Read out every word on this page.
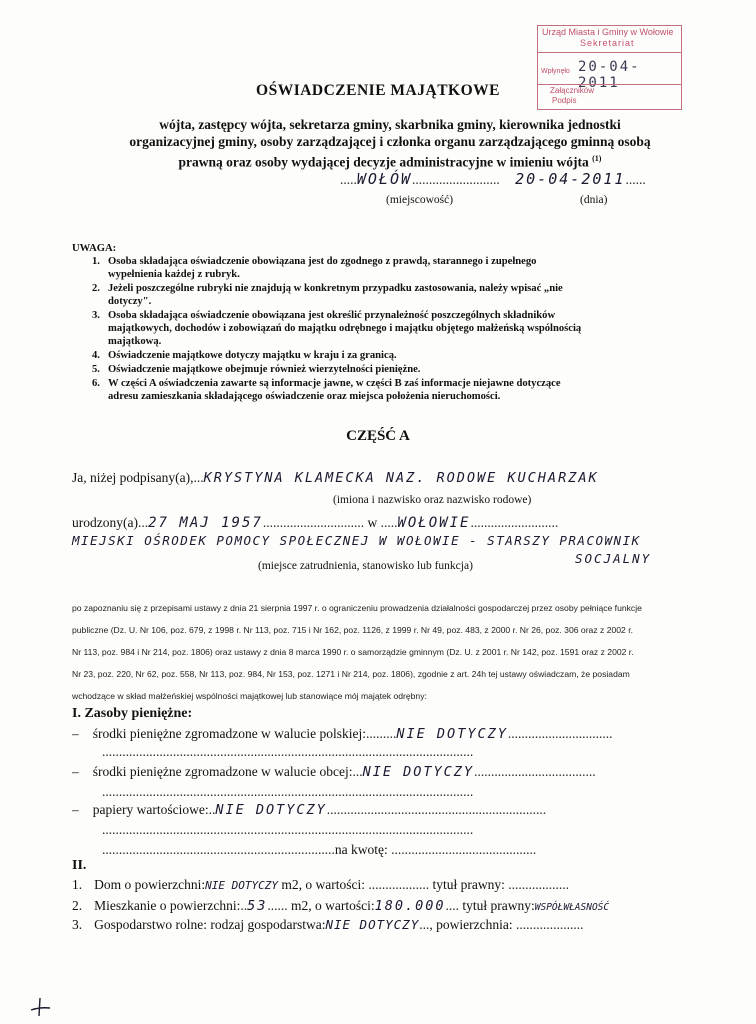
Urząd Miasta i Gminy w Wołowie
Sekretariat
Wpłynęło 20-04-2011
Załączników
Podpis
OŚWIADCZENIE MAJĄTKOWE
wójta, zastępcy wójta, sekretarza gminy, skarbnika gminy, kierownika jednostki
organizacyjnej gminy, osoby zarządzającej i członka organu zarządzającego gminną osobą
prawną oraz osoby wydającej decyzje administracyjne w imieniu wójta $^{(1)}$
.....WOŁÓW.......................... 20-04-2011......
(miejscowość)	(dnia)
UWAGA:
1. Osoba składająca oświadczenie obowiązana jest do zgodnego z prawdą, starannego i zupełnego
wypełnienia każdej z rubryk.
2. Jeżeli poszczególne rubryki nie znajdują w konkretnym przypadku zastosowania, należy wpisać „nie
dotyczy".
3. Osoba składająca oświadczenie obowiązana jest określić przynależność poszczególnych składników
majątkowych, dochodów i zobowiązań do majątku odrębnego i majątku objętego małżeńską wspólnością
majątkową.
4. Oświadczenie majątkowe dotyczy majątku w kraju i za granicą.
5. Oświadczenie majątkowe obejmuje również wierzytelności pieniężne.
6. W części A oświadczenia zawarte są informacje jawne, w części B zaś informacje niejawne dotyczące
adresu zamieszkania składającego oświadczenie oraz miejsca położenia nieruchomości.
CZĘŚĆ A
Ja, niżej podpisany(a),...KRYSTYNA KLAMECKA NAZ. RODOWE KUCHARZAK
(imiona i nazwisko oraz nazwisko rodowe)
urodzony(a)...27 MAJ 1957.............................. w .....WOŁOWIE..........................
MIEJSKI OŚRODEK POMOCY SPOŁECZNEJ W WOŁOWIE - STARSZY PRACOWNIK
SOCJALNY
(miejsce zatrudnienia, stanowisko lub funkcja)
po zapoznaniu się z przepisami ustawy z dnia 21 sierpnia 1997 r. o ograniczeniu prowadzenia działalności gospodarczej przez osoby pełniące funkcje
publiczne (Dz. U. Nr 106, poz. 679, z 1998 r. Nr 113, poz. 715 i Nr 162, poz. 1126, z 1999 r. Nr 49, poz. 483, z 2000 r. Nr 26, poz. 306 oraz z 2002 r.
Nr 113, poz. 984 i Nr 214, poz. 1806) oraz ustawy z dnia 8 marca 1990 r. o samorządzie gminnym (Dz. U. z 2001 r. Nr 142, poz. 1591 oraz z 2002 r.
Nr 23, poz. 220, Nr 62, poz. 558, Nr 113, poz. 984, Nr 153, poz. 1271 i Nr 214, poz. 1806), zgodnie z art. 24h tej ustawy oświadczam, że posiadam
wchodzące w skład małżeńskiej wspólności majątkowej lub stanowiące mój majątek odrębny:
I. Zasoby pieniężne:
– środki pieniężne zgromadzone w walucie polskiej:.........NIE DOTYCZY...............................
..............................................................................................................
– środki pieniężne zgromadzone w walucie obcej:...NIE DOTYCZY....................................
..............................................................................................................
– papiery wartościowe:..NIE DOTYCZY.................................................................
..............................................................................................................
.....................................................................na kwotę: ...........................................
II.
1. Dom o powierzchni:NIE DOTYCZY m2, o wartości: .................. tytuł prawny: ..................
2. Mieszkanie o powierzchni:..53...... m2, o wartości:180.000.... tytuł prawny:WSPÓŁWŁASNOŚĆ
3. Gospodarstwo rolne: rodzaj gospodarstwa:NIE DOTYCZY..., powierzchnia: ....................
